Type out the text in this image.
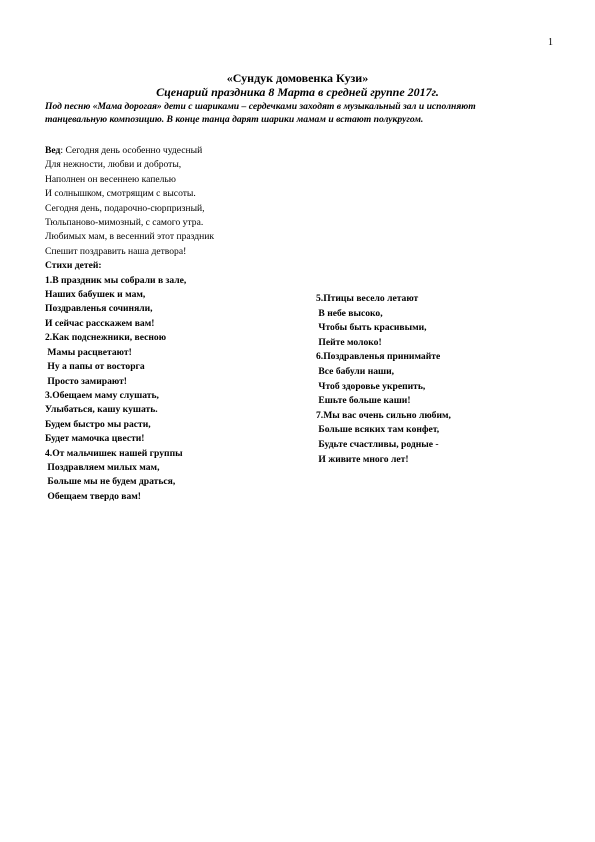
1
«Сундук домовенка Кузи»
Сценарий праздника 8 Марта в средней группе 2017г.
Под песню «Мама дорогая» дети с шариками – сердечками заходят в музыкальный зал и исполняют танцевальную композицию. В конце танца дарят шарики мамам и встают полукругом.
Вед: Сегодня день особенно чудесный
Для нежности, любви и доброты,
Наполнен он весеннею капелью
И солнышком, смотрящим с высоты.
Сегодня день, подарочно-сюрпризный,
Тюльпаново-мимозный, с самого утра.
Любимых мам, в весенний этот праздник
Спешит поздравить наша детвора!
Стихи детей:
1.В праздник мы собрали в зале,
Наших бабушек и мам,
Поздравленья сочиняли,
И сейчас расскажем вам!
2.Как подснежники, весною
Мамы расцветают!
Ну а папы от восторга
Просто замирают!
3.Обещаем маму слушать,
Улыбаться, кашу кушать.
Будем быстро мы расти,
Будет мамочка цвести!
4.От мальчишек нашей группы
Поздравляем милых мам,
Больше мы не будем драться,
Обещаем твердо вам!
5.Птицы весело летают
В небе высоко,
Чтобы быть красивыми,
Пейте молоко!
6.Поздравленья принимайте
Все бабули наши,
Чтоб здоровье укрепить,
Ешьте больше каши!
7.Мы вас очень сильно любим,
Больше всяких там конфет,
Будьте счастливы, родные -
И живите много лет!
